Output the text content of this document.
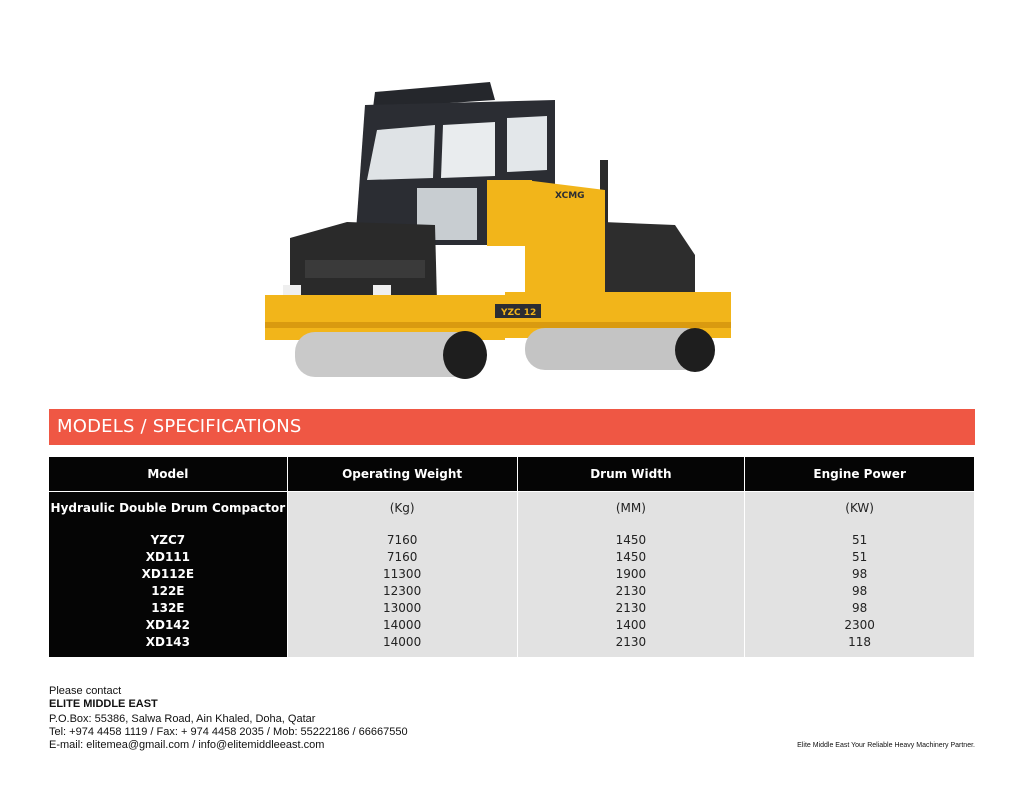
XCMG
YZC 12
MODELS / SPECIFICATIONS
Model	Operating Weight	Drum Width	Engine Power
Hydraulic Double Drum Compactor	(Kg)	(MM)	(KW)

YZC7	7160	1450	51
XD111	7160	1450	51
XD112E	11300	1900	98
122E	12300	2130	98
132E	13000	2130	98
XD142	14000	1400	2300
XD143	14000	2130	118
Please contact
ELITE MIDDLE EAST
P.O.Box: 55386, Salwa Road, Ain Khaled, Doha, Qatar
Tel: +974 4458 1119 / Fax: + 974 4458 2035 / Mob: 55222186 / 66667550
E-mail: elitemea@gmail.com / info@elitemiddleeast.com	Elite Middle East Your Reliable Heavy Machinery Partner.
